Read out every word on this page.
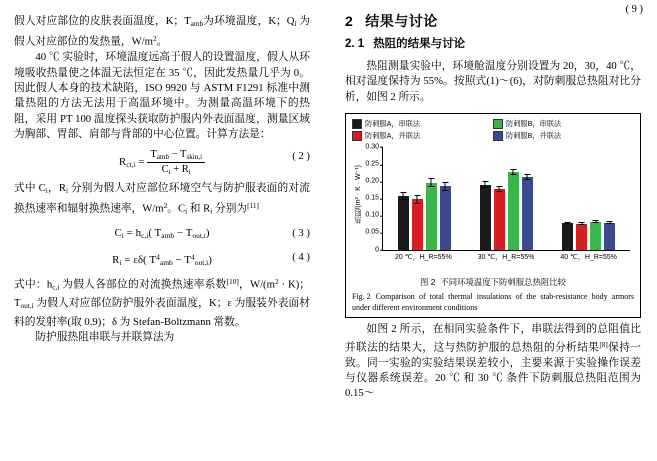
( 9 )

假人对应部位的皮肤表面温度，K；$T_{amb}$为环境温度，K；$Q_i$ 为假人对应部位的发热量，$W/m^2$。

40 ℃ 实验时，环境温度远高于假人的设置温度，假人从环境吸收热量使之体温无法恒定在 35 ℃，因此发热量几乎为 0。因此假人本身的技术缺陷，ISO 9920 与 ASTM F1291 标准中测量热阻的方法无法用于高温环境中。为测量高温环境下的热阻，采用 PT 100 温度探头获取防护服内外表面温度，测量区域为胸部、胃部、肩部与背部的中心位置。计算方法是：

$R_{ct,i} = \frac{T_{amb} - T_{skin,i}}{C_i + R_i}$	( 2 )

式中 $C_i$，$R_i$ 分别为假人对应部位环境空气与防护服表面的对流换热速率和辐射换热速率，$W/m^2$。$C_i$ 和 $R_i$ 分别为[11]

$C_i = h_{c,i}$( $T_{amb} - T_{out,i}$)	( 3 )
$R_i = \varepsilon\delta$( $T^4_{amb} - T^4_{out,i}$)	( 4 )

式中：$h_{c,i}$ 为假人各部位的对流换热速率系数[10]，$W/(m^2 \cdot K)$；$T_{out,i}$ 为假人对应部位防护服外表面温度，K；ε 为服装外表面材料的发射率(取 0.9)；δ 为 Stefan-Boltzmann 常数。

防护服热阻串联与并联算法为

2 结果与讨论
2. 1 热阻的结果与讨论

热阻测量实验中，环境舱温度分别设置为 20，30，40 ℃，相对湿度保持为 55%。按照式(1)～(6)，对防刺服总热阻对比分析，如图 2 所示。

防刺服A，串联法	防刺服B，串联法
防刺服A，并联法	防刺服B，并联法
热阻/(m² · K · W⁻¹)
0
0.05
0.10
0.15
0.20
0.25
0.30
20 ℃，H_R=55%	30 ℃，H_R=55%	40 ℃，H_R=55%
图 2 不同环境温度下防刺服总热阻比较
Fig. 2 Comparison of total thermal insulations of the stab-resistance body armors under different environment conditions

如图 2 所示，在相同实验条件下，串联法得到的总阻值比并联法的结果大，这与热防护服的总热阻的分析结果[8]保持一致。同一实验的实验结果误差较小，主要来源于实验操作误差与仪器系统误差。20 ℃ 和 30 ℃ 条件下防刺服总热阻范围为 0.15～
